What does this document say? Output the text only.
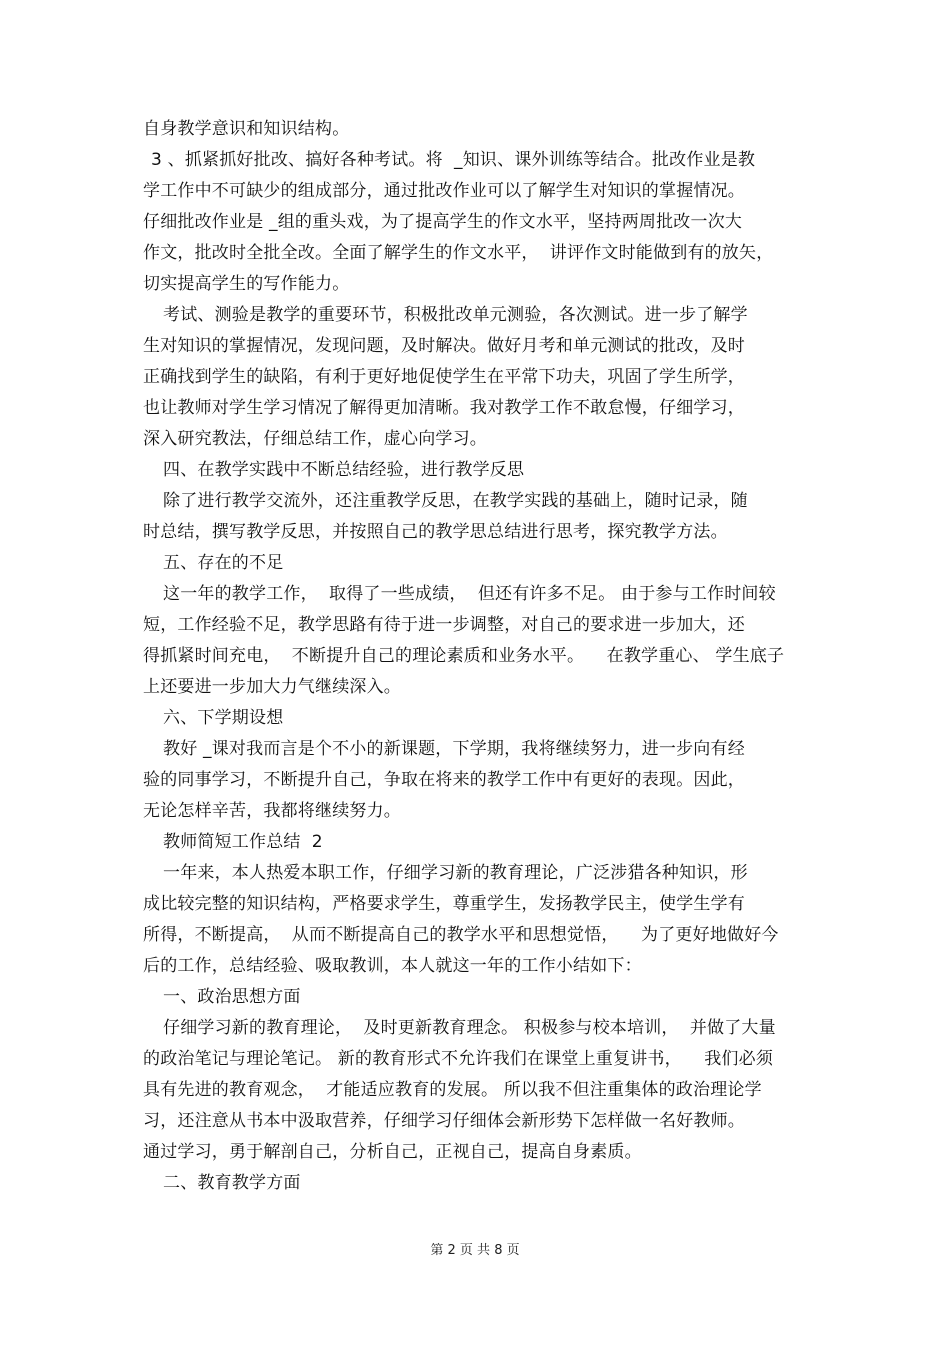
自身教学意识和知识结构。
3 、抓紧抓好批改、搞好各种考试。将  _知识、课外训练等结合。批改作业是教
学工作中不可缺少的组成部分，通过批改作业可以了解学生对知识的掌握情况。
仔细批改作业是 _组的重头戏，为了提高学生的作文水平，坚持两周批改一次大
作文，批改时全批全改。全面了解学生的作文水平，  讲评作文时能做到有的放矢，
切实提高学生的写作能力。
考试、测验是教学的重要环节，积极批改单元测验，各次测试。进一步了解学
生对知识的掌握情况，发现问题，及时解决。做好月考和单元测试的批改，及时
正确找到学生的缺陷，有利于更好地促使学生在平常下功夫，巩固了学生所学，
也让教师对学生学习情况了解得更加清晰。我对教学工作不敢怠慢，仔细学习，
深入研究教法，仔细总结工作，虚心向学习。
四、在教学实践中不断总结经验，进行教学反思
除了进行教学交流外，还注重教学反思，在教学实践的基础上，随时记录，随
时总结，撰写教学反思，并按照自己的教学思总结进行思考，探究教学方法。
五、存在的不足
这一年的教学工作，  取得了一些成绩，  但还有许多不足。 由于参与工作时间较
短，工作经验不足，教学思路有待于进一步调整，对自己的要求进一步加大，还
得抓紧时间充电，  不断提升自己的理论素质和业务水平。    在教学重心、 学生底子
上还要进一步加大力气继续深入。
六、下学期设想
教好 _课对我而言是个不小的新课题，下学期，我将继续努力，进一步向有经
验的同事学习，不断提升自己，争取在将来的教学工作中有更好的表现。因此，
无论怎样辛苦，我都将继续努力。
教师简短工作总结  2
一年来，本人热爱本职工作，仔细学习新的教育理论，广泛涉猎各种知识，形
成比较完整的知识结构，严格要求学生，尊重学生，发扬教学民主，使学生学有
所得，不断提高，  从而不断提高自己的教学水平和思想觉悟，    为了更好地做好今
后的工作，总结经验、吸取教训，本人就这一年的工作小结如下：
一、政治思想方面
仔细学习新的教育理论，  及时更新教育理念。 积极参与校本培训，  并做了大量
的政治笔记与理论笔记。 新的教育形式不允许我们在课堂上重复讲书，    我们必须
具有先进的教育观念，  才能适应教育的发展。 所以我不但注重集体的政治理论学
习，还注意从书本中汲取营养，仔细学习仔细体会新形势下怎样做一名好教师。
通过学习，勇于解剖自己，分析自己，正视自己，提高自身素质。
二、教育教学方面
第 2 页 共 8 页
